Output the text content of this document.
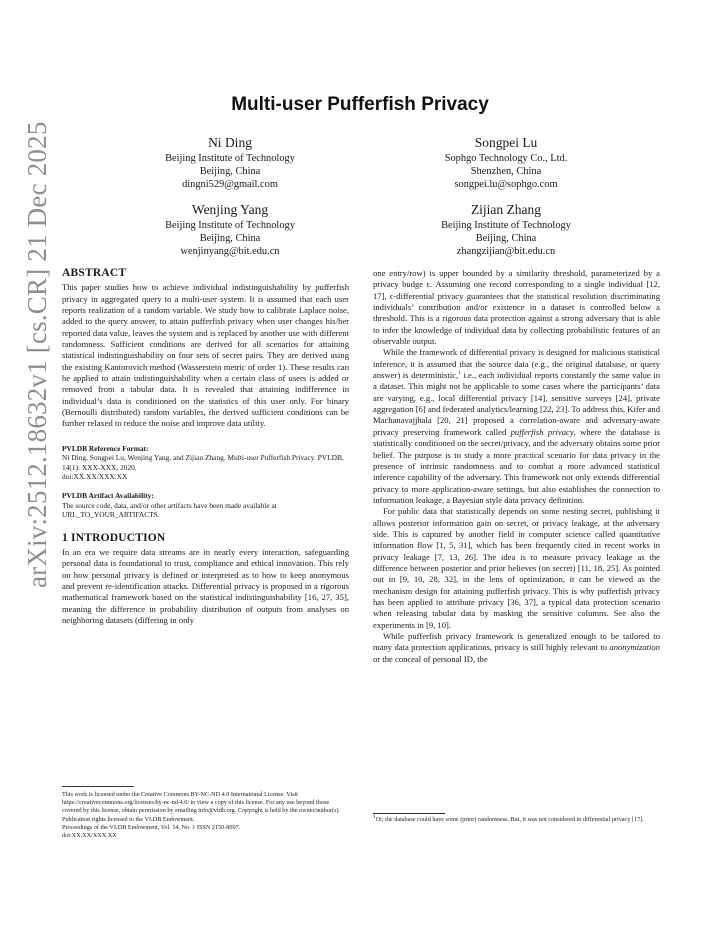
arXiv:2512.18632v1 [cs.CR] 21 Dec 2025
Multi-user Pufferfish Privacy
Ni Ding
Beijing Institute of Technology
Beijing, China
dingni529@gmail.com
Songpei Lu
Sophgo Technology Co., Ltd.
Shenzhen, China
songpei.lu@sophgo.com
Wenjing Yang
Beijing Institute of Technology
Beijing, China
wenjinyang@bit.edu.cn
Zijian Zhang
Beijing Institute of Technology
Beijing, China
zhangzijian@bit.edu.cn
ABSTRACT

This paper studies how to achieve individual indistinguishability by pufferfish privacy in aggregated query to a multi-user system. It is assumed that each user reports realization of a random variable. We study how to calibrate Laplace noise, added to the query answer, to attain pufferfish privacy when user changes his/her reported data value, leaves the system and is replaced by another use with different randomness. Sufficient conditions are derived for all scenarios for attaining statistical indistinguishability on four sets of secret pairs. They are derived using the existing Kantorovich method (Wasserstein metric of order 1). These results can be applied to attain indistinguishability when a certain class of users is added or removed from a tabular data. It is revealed that attaining indifference in individual’s data is conditioned on the statistics of this user only. For binary (Bernoulli distributed) random variables, the derived sufficient conditions can be further relaxed to reduce the noise and improve data utility.

PVLDB Reference Format:
Ni Ding, Songpei Lu, Wenjing Yang, and Zijian Zhang. Multi-user Pufferfish Privacy. PVLDB, 14(1): XXX-XXX, 2020.
doi:XX.XX/XXX.XX
PVLDB Artifact Availability:
The source code, data, and/or other artifacts have been made available at URL_TO_YOUR_ARTIFACTS.
1 INTRODUCTION

In an era we require data streams are in nearly every interaction, safeguarding personal data is foundational to trust, compliance and ethical innovation. This rely on how personal privacy is defined or interpreted as to how to keep anonymous and prevent re-identification attacks. Differential privacy is proposed in a rigorous mathematical framework based on the statistical indistinguishability [16, 27, 35], meaning the difference in probability distribution of outputs from analyses on neighboring datasets (differing in only

This work is licensed under the Creative Commons BY-NC-ND 4.0 International License. Visit https://creativecommons.org/licenses/by-nc-nd/4.0/ to view a copy of this license. For any use beyond those covered by this license, obtain permission by emailing info@vldb.org. Copyright is held by the owner/author(s). Publication rights licensed to the VLDB Endowment.
Proceedings of the VLDB Endowment, Vol. 14, No. 1 ISSN 2150-8097.
doi:XX.XX/XXX.XX

one entry/row) is upper bounded by a similarity threshold, parameterized by a privacy budge ϵ. Assuming one record corresponding to a single individual [12, 17], ϵ-differential privacy guarantees that the statistical resolution discriminating individuals’ contribution and/or existence in a dataset is controlled below a threshold. This is a rigorous data protection against a strong adversary that is able to infer the knowledge of individual data by collecting probabilistic features of an observable output.

While the framework of differential privacy is designed for malicious statistical inference, it is assumed that the source data (e.g., the original database, or query answer) is deterministic,$^1$ i.e., each individual reports constantly the same value in a dataset. This might not be applicable to some cases where the participants’ data are varying, e.g., local differential privacy [14], sensitive surveys [24], private aggregation [6] and federated analytics/learning [22, 23]. To address this, Kifer and Machanavajjhala [20, 21] proposed a correlation-aware and adversary-aware privacy preserving framework called pufferfish privacy, where the database is statistically conditioned on the secret/privacy, and the adversary obtains some prior belief. The purpose is to study a more practical scenario for data privacy in the presence of intrinsic randomness and to combat a more advanced statistical inference capability of the adversary. This framework not only extends differential privacy to more application-aware settings, but also establishes the connection to information leakage, a Bayesian style data privacy definition.

For public data that statistically depends on some nesting secret, publishing it allows posterior information gain on secret, or privacy leakage, at the adversary side. This is captured by another field in computer science called quantitative information flow [1, 5, 31], which has been frequently cited in recent works in privacy leakage [7, 13, 26]. The idea is to measure privacy leakage as the difference between posterior and prior believes (on secret) [11, 18, 25]. As pointed out in [9, 10, 28, 32], in the lens of optimization, it can be viewed as the mechanism design for attaining pufferfish privacy. This is why pufferfish privacy has been applied to attribute privacy [36, 37], a typical data protection scenario when releasing tabular data by masking the sensitive columns. See also the experiments in [9, 10].

While pufferfish privacy framework is generalized enough to be tailored to many data protection applications, privacy is still highly relevant to anonymization or the conceal of personal ID, the

$^1$Or, the database could have some (prior) randomness. But, it was not considered in differential privacy [17].
